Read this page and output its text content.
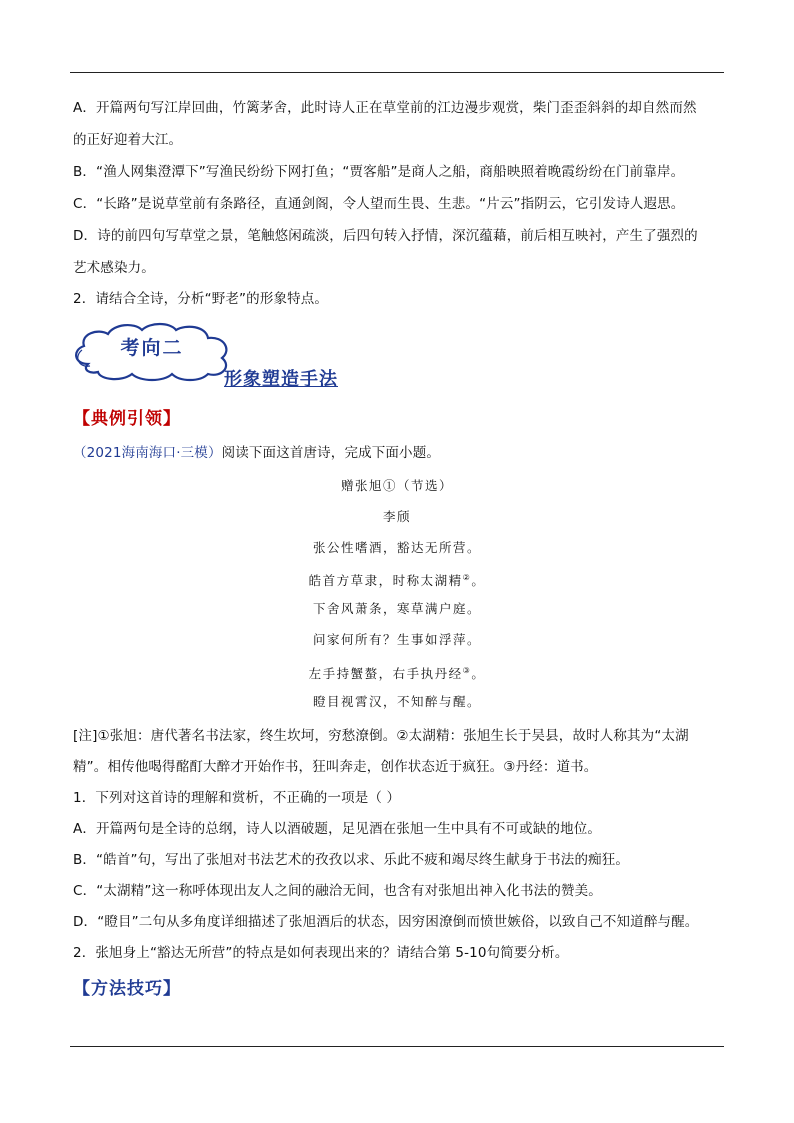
A．开篇两句写江岸回曲，竹篱茅舍，此时诗人正在草堂前的江边漫步观赏，柴门歪歪斜斜的却自然而然
的正好迎着大江。
B．“渔人网集澄潭下”写渔民纷纷下网打鱼；“贾客船”是商人之船，商船映照着晚霞纷纷在门前靠岸。
C．“长路”是说草堂前有条路径，直通剑阁，令人望而生畏、生悲。“片云”指阴云，它引发诗人遐思。
D．诗的前四句写草堂之景，笔触悠闲疏淡，后四句转入抒情，深沉蕴藉，前后相互映衬，产生了强烈的
艺术感染力。
2．请结合全诗，分析“野老”的形象特点。
考向二
形象塑造手法
【典例引领】
（2021海南海口·三模）阅读下面这首唐诗，完成下面小题。
赠张旭①（节选）
李颀
张公性嗜酒，豁达无所营。
皓首方草隶，时称太湖精②。
下舍风萧条，寒草满户庭。
问家何所有？生事如浮萍。
左手持蟹螯，右手执丹经③。
瞪目视霄汉，不知醉与醒。
[注]①张旭：唐代著名书法家，终生坎坷，穷愁潦倒。②太湖精：张旭生长于吴县，故时人称其为“太湖
精”。相传他喝得酩酊大醉才开始作书，狂叫奔走，创作状态近于疯狂。③丹经：道书。
1．下列对这首诗的理解和赏析，不正确的一项是（ ）
A．开篇两句是全诗的总纲，诗人以酒破题，足见酒在张旭一生中具有不可或缺的地位。
B．“皓首”句，写出了张旭对书法艺术的孜孜以求、乐此不疲和竭尽终生献身于书法的痴狂。
C．“太湖精”这一称呼体现出友人之间的融洽无间，也含有对张旭出神入化书法的赞美。
D．“瞪目”二句从多角度详细描述了张旭酒后的状态，因穷困潦倒而愤世嫉俗，以致自己不知道醉与醒。
2．张旭身上“豁达无所营”的特点是如何表现出来的？请结合第 5-10句简要分析。
【方法技巧】
